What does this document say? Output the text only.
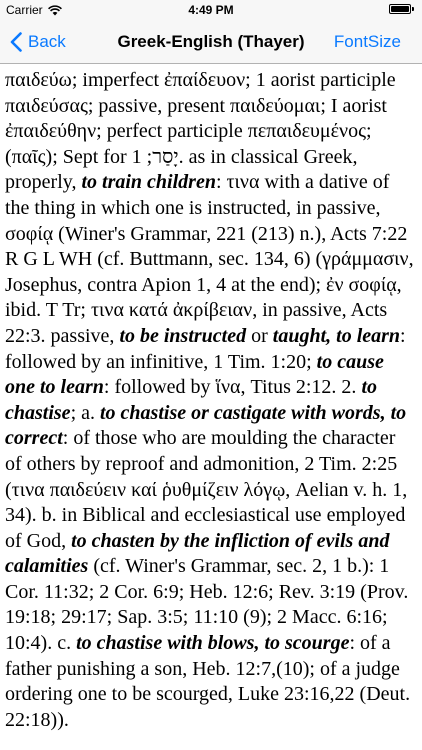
Carrier	4:49 PM
Back	Greek-English (Thayer)	FontSize

παιδεύω; imperfect ἐπαίδευον; 1 aorist participle παιδεύσας; passive, present παιδεύομαι; I aorist ἐπαιδεύθην; perfect participle πεπαιδευμένος; (παῖς); Sept for יָסַר; 1. as in classical Greek, properly, to train children: τινα with a dative of the thing in which one is instructed, in passive, σοφίᾳ (Winer's Grammar, 221 (213) n.), Acts 7:22 R G L WH (cf. Buttmann, sec. 134, 6) (γράμμασιν, Josephus, contra Apion 1, 4 at the end); ἐν σοφίᾳ, ibid. T Tr; τινα κατά ἀκρίβειαν, in passive, Acts 22:3. passive, to be instructed or taught, to learn: followed by an infinitive, 1 Tim. 1:20; to cause one to learn: followed by ἵνα, Titus 2:12. 2. to chastise; a. to chastise or castigate with words, to correct: of those who are moulding the character of others by reproof and admonition, 2 Tim. 2:25 (τινα παιδεύειν καί ῥυθμίζειν λόγῳ, Aelian v. h. 1, 34). b. in Biblical and ecclesiastical use employed of God, to chasten by the infliction of evils and calamities (cf. Winer's Grammar, sec. 2, 1 b.): 1 Cor. 11:32; 2 Cor. 6:9; Heb. 12:6; Rev. 3:19 (Prov. 19:18; 29:17; Sap. 3:5; 11:10 (9); 2 Macc. 6:16; 10:4). c. to chastise with blows, to scourge: of a father punishing a son, Heb. 12:7,(10); of a judge ordering one to be scourged, Luke 23:16,22 (Deut. 22:18)).
